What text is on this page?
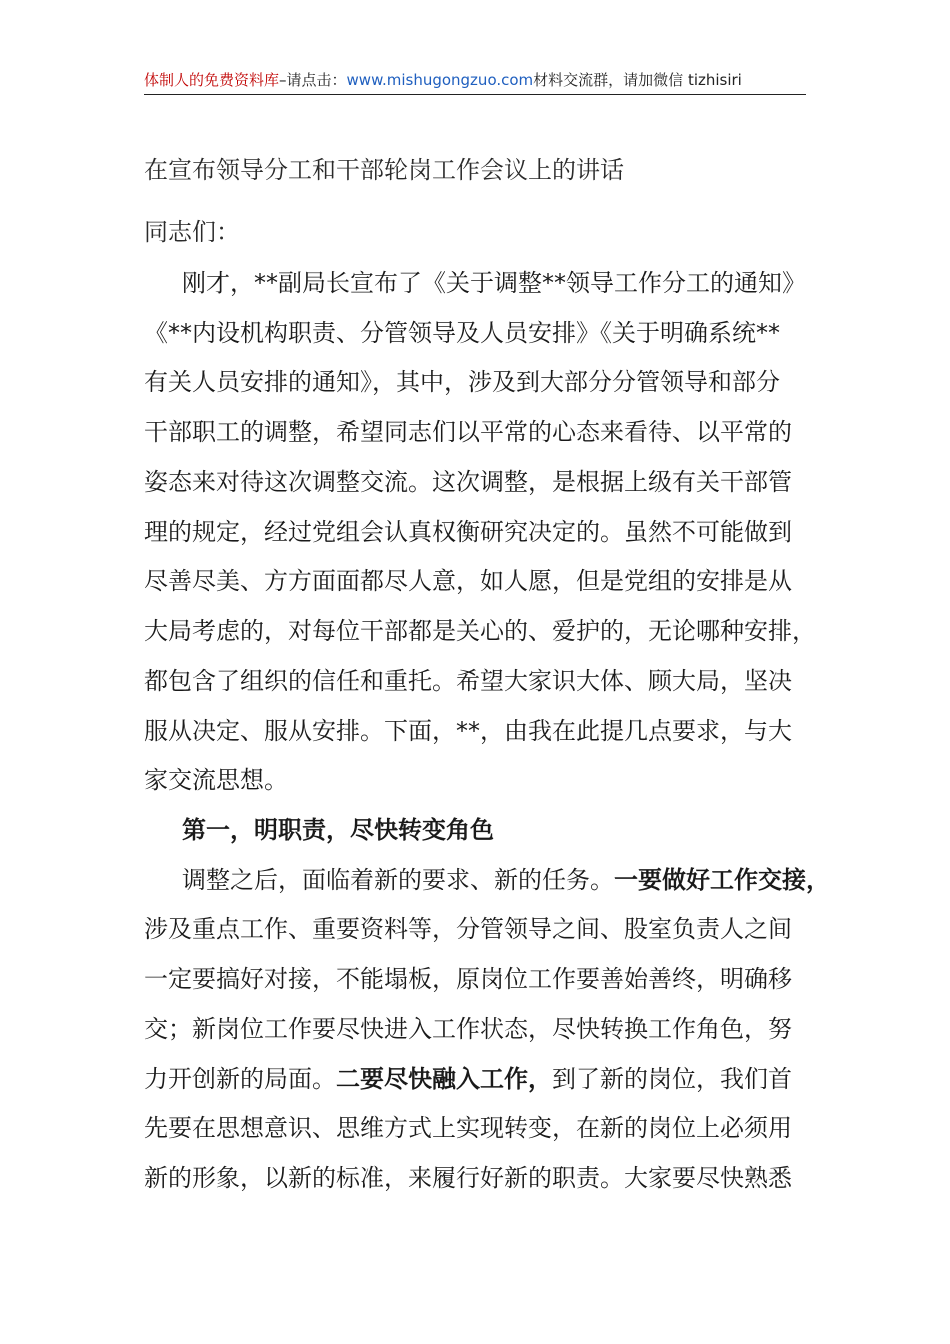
体制人的免费资料库–请点击：www.mishugongzuo.com材料交流群，请加微信 tizhisiri
在宣布领导分工和干部轮岗工作会议上的讲话
同志们：
刚才，**副局长宣布了《关于调整**领导工作分工的通知》
《**内设机构职责、分管领导及人员安排》《关于明确系统**
有关人员安排的通知》，其中，涉及到大部分分管领导和部分
干部职工的调整，希望同志们以平常的心态来看待、以平常的
姿态来对待这次调整交流。这次调整，是根据上级有关干部管
理的规定，经过党组会认真权衡研究决定的。虽然不可能做到
尽善尽美、方方面面都尽人意，如人愿，但是党组的安排是从
大局考虑的，对每位干部都是关心的、爱护的，无论哪种安排，
都包含了组织的信任和重托。希望大家识大体、顾大局，坚决
服从决定、服从安排。下面，**，由我在此提几点要求，与大
家交流思想。
第一，明职责，尽快转变角色
调整之后，面临着新的要求、新的任务。一要做好工作交接，
涉及重点工作、重要资料等，分管领导之间、股室负责人之间
一定要搞好对接，不能塌板，原岗位工作要善始善终，明确移
交；新岗位工作要尽快进入工作状态，尽快转换工作角色，努
力开创新的局面。二要尽快融入工作，到了新的岗位，我们首
先要在思想意识、思维方式上实现转变，在新的岗位上必须用
新的形象，以新的标准，来履行好新的职责。大家要尽快熟悉
